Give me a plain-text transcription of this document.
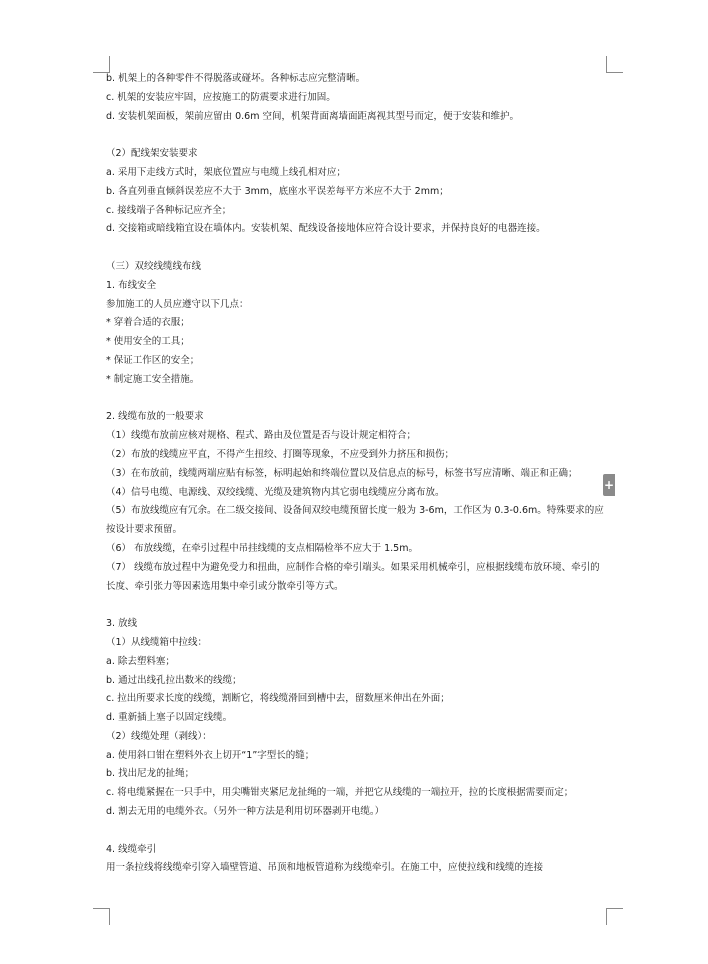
+
b. 机架上的各种零件不得脱落或碰坏。各种标志应完整清晰。
c. 机架的安装应牢固，应按施工的防震要求进行加固。
d. 安装机架面板，架前应留由 0.6m 空间，机架背面离墙面距离视其型号而定，便于安装和维护。
（2）配线架安装要求
a. 采用下走线方式时，架底位置应与电缆上线孔相对应；
b. 各直列垂直倾斜误差应不大于 3mm，底座水平误差每平方米应不大于 2mm；
c. 接线端子各种标记应齐全；
d. 交接箱或暗线箱宜设在墙体内。安装机架、配线设备接地体应符合设计要求，并保持良好的电器连接。
（三）双绞线缆线布线
1. 布线安全
参加施工的人员应遵守以下几点：
* 穿着合适的衣服；
* 使用安全的工具；
* 保证工作区的安全；
* 制定施工安全措施。
2. 线缆布放的一般要求
（1）线缆布放前应核对规格、程式、路由及位置是否与设计规定相符合；
（2）布放的线缆应平直，不得产生扭绞、打圈等现象，不应受到外力挤压和损伤；
（3）在布放前，线缆两端应贴有标签，标明起始和终端位置以及信息点的标号，标签书写应清晰、端正和正确；
（4）信号电缆、电源线、双绞线缆、光缆及建筑物内其它弱电线缆应分离布放。
（5）布放线缆应有冗余。在二级交接间、设备间双绞电缆预留长度一般为 3-6m，工作区为 0.3-0.6m。特殊要求的应按设计要求预留。
（6） 布放线缆，在牵引过程中吊挂线缆的支点相隔检举不应大于 1.5m。
（7） 线缆布放过程中为避免受力和扭曲，应制作合格的牵引端头。如果采用机械牵引，应根据线缆布放环境、牵引的长度、牵引张力等因素选用集中牵引或分散牵引等方式。
3. 放线
（1）从线缆箱中拉线：
a. 除去塑料塞；
b. 通过出线孔拉出数米的线缆；
c. 拉出所要求长度的线缆，割断它，将线缆滑回到槽中去，留数厘米伸出在外面；
d. 重新插上塞子以固定线缆。
（2）线缆处理（剥线）：
a. 使用斜口钳在塑料外衣上切开“1”字型长的缝；
b. 找出尼龙的扯绳；
c. 将电缆紧握在一只手中，用尖嘴钳夹紧尼龙扯绳的一端，并把它从线缆的一端拉开，拉的长度根据需要而定；
d. 割去无用的电缆外衣。（另外一种方法是利用切环器剥开电缆。）
4. 线缆牵引
用一条拉线将线缆牵引穿入墙壁管道、吊顶和地板管道称为线缆牵引。在施工中，应使拉线和线缆的连接
